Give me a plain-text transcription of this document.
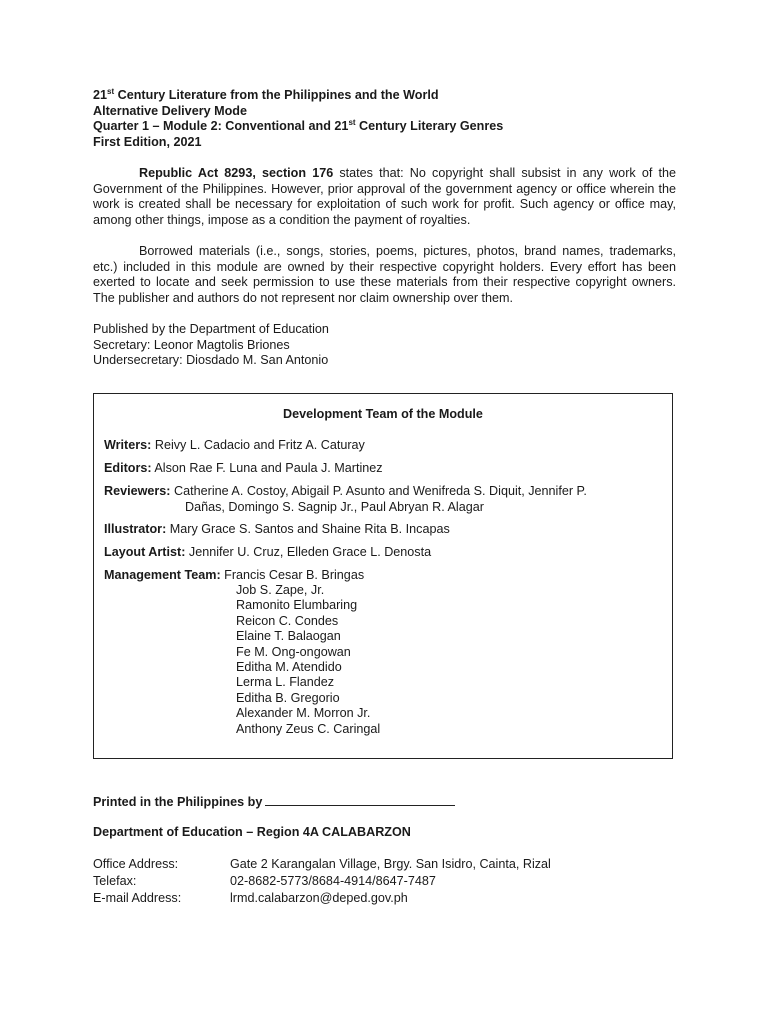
21st Century Literature from the Philippines and the World

Alternative Delivery Mode

Quarter 1 – Module 2: Conventional and 21st Century Literary Genres

First Edition, 2021

Republic Act 8293, section 176 states that: No copyright shall subsist in any work of the Government of the Philippines. However, prior approval of the government agency or office wherein the work is created shall be necessary for exploitation of such work for profit. Such agency or office may, among other things, impose as a condition the payment of royalties.

Borrowed materials (i.e., songs, stories, poems, pictures, photos, brand names, trademarks, etc.) included in this module are owned by their respective copyright holders. Every effort has been exerted to locate and seek permission to use these materials from their respective copyright owners. The publisher and authors do not represent nor claim ownership over them.

Published by the Department of Education

Secretary: Leonor Magtolis Briones

Undersecretary: Diosdado M. San Antonio

Development Team of the Module
Writers: Reivy L. Cadacio and Fritz A. Caturay
Editors: Alson Rae F. Luna and Paula J. Martinez
Reviewers: Catherine A. Costoy, Abigail P. Asunto and Wenifreda S. Diquit, Jennifer P.
Dañas, Domingo S. Sagnip Jr., Paul Abryan R. Alagar
Illustrator: Mary Grace S. Santos and Shaine Rita B. Incapas
Layout Artist: Jennifer U. Cruz, Elleden Grace L. Denosta
Management Team: Francis Cesar B. Bringas
Job S. Zape, Jr.
Ramonito Elumbaring
Reicon C. Condes
Elaine T. Balaogan
Fe M. Ong-ongowan
Editha M. Atendido
Lerma L. Flandez
Editha B. Gregorio
Alexander M. Morron Jr.
Anthony Zeus C. Caringal
Printed in the Philippines by
Department of Education – Region 4A CALABARZON
Office Address:	Gate 2 Karangalan Village, Brgy. San Isidro, Cainta, Rizal
Telefax:	02-8682-5773/8684-4914/8647-7487
E-mail Address:	lrmd.calabarzon@deped.gov.ph
